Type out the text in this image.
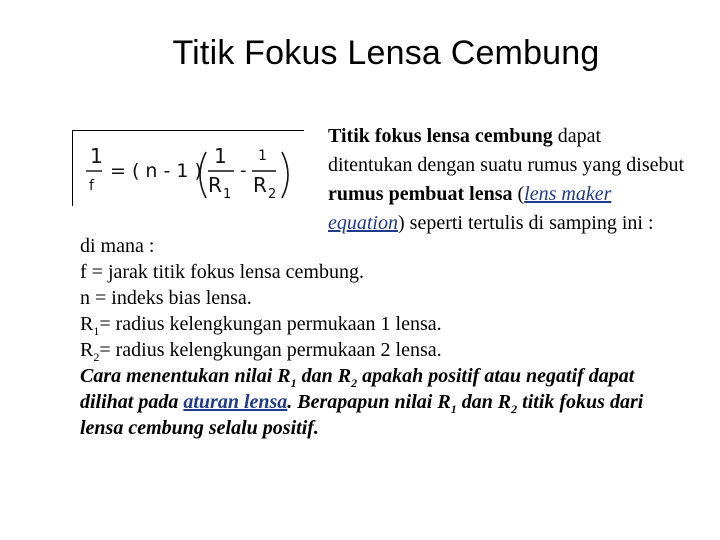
Titik Fokus Lensa Cembung
1
f
= ( n - 1 )
1
R 1
-
1
R 2
Titik fokus lensa cembung dapat ditentukan dengan suatu rumus yang disebut rumus pembuat lensa (lens maker equation) seperti tertulis di samping ini :

di mana :

f = jarak titik fokus lensa cembung.

n = indeks bias lensa.

$R_1=$ radius kelengkungan permukaan 1 lensa.

$R_2=$ radius kelengkungan permukaan 2 lensa.

Cara menentukan nilai $R_1$ dan $R_2$ apakah positif atau negatif dapat dilihat pada aturan lensa. Berapapun nilai $R_1$ dan $R_2$ titik fokus dari lensa cembung selalu positif.
